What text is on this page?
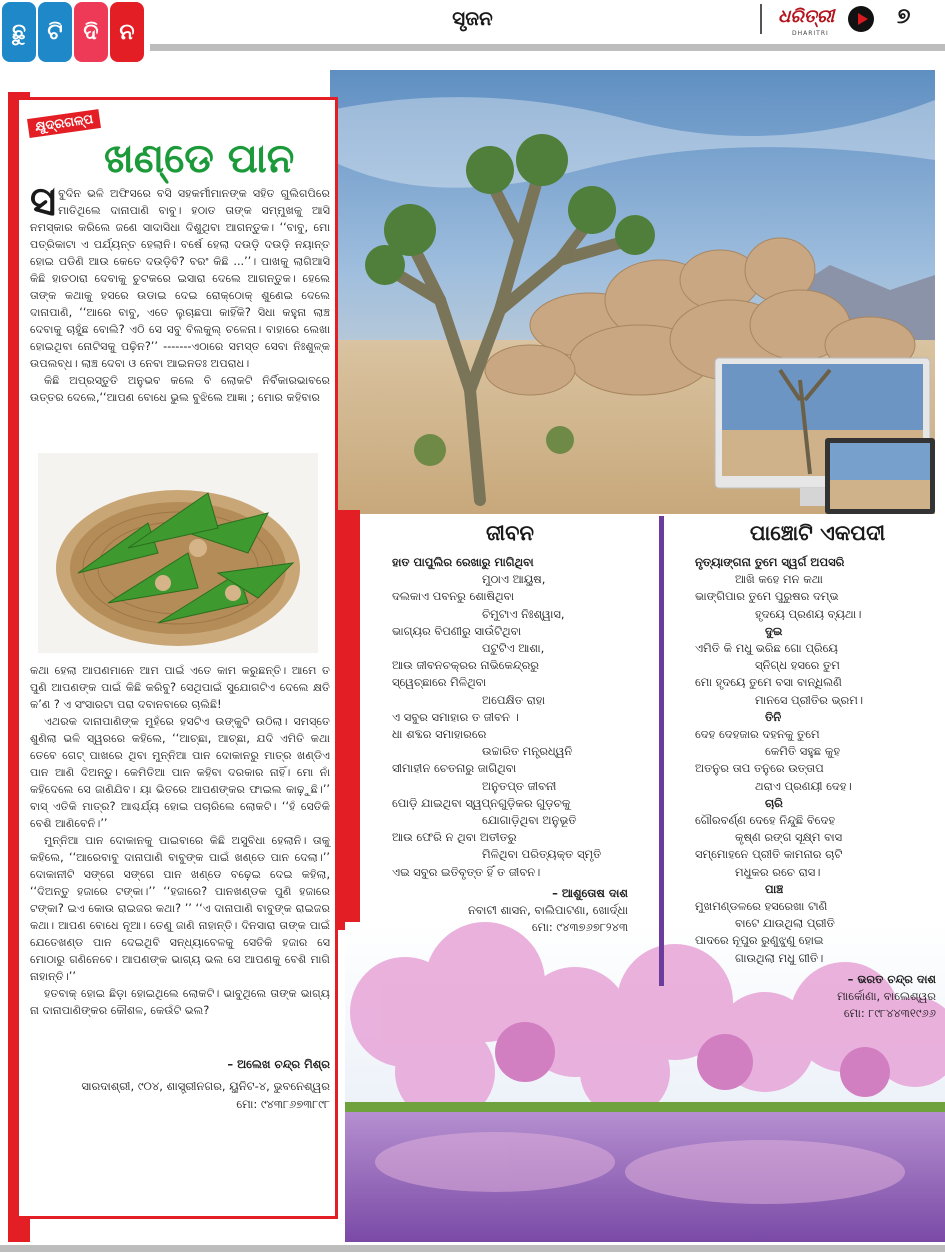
ଛୁ ଟି ଦି ନ
ସୃଜନ	ଧରିତ୍ରୀ
DHARITRI
୭
କ୍ଷୁଦ୍ରଗଳ୍ପ
ଖଣ୍ଡେ ପାନ
ସ ବୁଦିନ ଭଳି ଅଫିସରେ ବସି ସହକର୍ମୀମାନଙ୍କ ସହିତ ଗୁଲିଗପିରେ ମାତିଥିଲେ ଦାନାପାଣି ବାବୁ। ହଠାତ ତାଙ୍କ ସମ୍ମୁଖକୁ ଆସି ନମସ୍କାର କରିଲେ ଜଣେ ସାଦାସିଧା ଦିଶୁଥିବା ଆଗନ୍ତୁକ। ‘‘ବାବୁ, ମୋ ପତ୍ରିକାଟା ଏ ପର୍ଯ୍ୟନ୍ତ ହେଲାନି। ବର୍ଷେ ହେଲା ଦଉଡ଼ି ଦଉଡ଼ି ନୟାନ୍ତ ହୋଇ ପଡିଣି ଆଉ କେତେ ଦଉଡ଼ିବି? ବରଂ କିଛି ...’’। ପାଖକୁ ଲାଗିଆସି କିଛି ହାତଠାରା ଦେବାକୁ ଚୁଟକରେ ଇସାରା ଦେଲେ ଆଗନ୍ତୁକ। ହେଲେ ତାଙ୍କ କଥାକୁ ହସରେ ଉଡାଇ ଦେଇ ରୋକ୍‌ଠୋକ୍ ଶୁଣେଇ ଦେଲେ ଦାନାପାଣି, ‘‘ଆରେ ବାବୁ, ଏତେ ଲୁଚାଛପା କାହିଁକି? ସିଧା କହୁନା ଲାଞ୍ଚ ଦେବାକୁ ଚାହୁଁଛ ବୋଲି? ଏଠି ସେ ସବୁ ବିଲକୁଲ୍ ଚଳେନା। ବାହାରେ ଲେଖା ହୋଇଥିବା ନୋଟିସକୁ ପଢ଼ିନ?’’ -------ଏଠାରେ ସମସ୍ତ ସେବା ନିଃଶୁଳ୍କ ଉପଲବ୍ଧ। ଲାଞ୍ଚ ଦେବା ଓ ନେବା ଆଇନତଃ ଅପରାଧ।

କିଛି ଅପ୍ରସ୍ତୁତି ଅନୁଭବ କଲେ ବି ଲୋକଟି ନିର୍ବିକାରଭାବରେ ଉତ୍ତର ଦେଲେ,‘‘ଆପଣ ବୋଧେ ଭୁଲ ବୁଝିଲେ ଆଜ୍ଞା ; ମୋର କହିବାର

କଥା ହେଲା ଆପଣମାନେ ଆମ ପାଇଁ ଏତେ କାମ କରୁଛନ୍ତି। ଆମେ ତ ପୁଣି ଆପଣଙ୍କ ପାଇଁ କିଛି କରିବୁ? ସେଥିପାଇଁ ସୁଯୋଗଟିଏ ଦେଲେ କ୍ଷତି କ’ଣ ? ଏ ସଂସାରଟା ପରା ଦବାନବାରେ ଚାଲିଛି!

ଏଥରକ ଦାନାପାଣିଙ୍କ ମୁହଁରେ ହସଟିଏ ଉଙ୍କୁଟି ଉଠିଲା। ସମସ୍ତେ ଶୁଣିଲା ଭଳି ସ୍ୱରରେ କହିଲେ, ‘‘ଆଚ୍ଛା, ଆଚ୍ଛା, ଯଦି ଏମିତି କଥା ତେବେ ଗେଟ୍ ପାଖରେ ଥିବା ମୁନ୍ନିଆ ପାନ ଦୋକାନରୁ ମାତ୍ର ଖଣ୍ଡିଏ ପାନ ଆଣି ଦିଅନ୍ତୁ। କେମିତିଆ ପାନ କହିବା ଦରକାର ନାହିଁ। ମୋ ନାଁ କହିଦେଲେ ସେ ଜାଣିଯିବ। ୟା ଭିତରେ ଆପଣଙ୍କର ଫାଇଲ କାଢ଼ୁଛି।’’ ବାସ୍ ଏତିକି ମାତ୍ର? ଆଶ୍ଚର୍ଯ୍ୟ ହୋଇ ପଚାରିଲେ ଲୋକଟି। ‘‘ହଁ ସେତିକି ବେଶି ଆଣିବେନି।’’

ମୁନ୍ନିଆ ପାନ ଦୋକାନକୁ ପାଇବାରେ କିଛି ଅସୁବିଧା ହେଲାନି। ତାକୁ କହିଲେ, ‘‘ଆରେବାବୁ ଦାନାପାଣି ବାବୁଙ୍କ ପାଇଁ ଖଣ୍ଡେ ପାନ ଦେଲା।’’ ଦୋକାନୀଟି ସଙ୍ଗେ ସଙ୍ଗେ ପାନ ଖଣ୍ଡେ ବଢ଼େଇ ଦେଇ କହିଲା, ‘‘ଦିଅନ୍ତୁ ହଜାରେ ଟଙ୍କା।’’ ‘‘ହଜାରେ? ପାନଖଣ୍ଡକ ପୁଣି ହଜାରେ ଟଙ୍କା? ଇଏ କୋଉ ରାଇଜର କଥା? ’’ ‘‘ଏ ଦାନାପାଣି ବାବୁଙ୍କ ରାଇଜର କଥା। ଆପଣ ବୋଧେ ନୂଆ। ତେଣୁ ଜାଣି ନାହାନ୍ତି। ଦିନସାରା ତାଙ୍କ ପାଇଁ ଯେତେଖଣ୍ଡ ପାନ ଦେଇଥିବି ସନ୍ଧ୍ୟାବେଳକୁ ସେତିକି ହଜାର ସେ ମୋଠାରୁ ଗଣିନେବେ। ଆପଣଙ୍କ ଭାଗ୍ୟ ଭଲ ସେ ଆପଣକୁ ବେଶି ମାଗି ନାହାନ୍ତି।’’

ହତବାକ୍ ହୋଇ ଛିଡ଼ା ହୋଇଥିଲେ ଲୋକଟି। ଭାବୁଥିଲେ ତାଙ୍କ ଭାଗ୍ୟ ନା ଦାନାପାଣିଙ୍କର କୌଶଳ, କେଉଁଟି ଭଲ?

– ଅଲେଖ ଚନ୍ଦ୍ର ମିଶ୍ର
ସାରଦାଶ୍ରୀ, ୯୦୪, ଶାସ୍ତ୍ରୀନଗର, ୟୁନିଟ-୪, ଭୁବନେଶ୍ୱର
ମୋ: ୯୪୩୮୬୭୩୮୯୮
ଜୀବନ
ହାତ ପାପୁଲିର ରେଖାରୁ ମାଗିଥିବା
ମୁଠାଏ ଆୟୁଷ,
ଦଲକାଏ ପବନରୁ ଶୋଷିଥିବା
ଚିମୁଟାଏ ନିଃଶ୍ୱାସ,
ଭାଗ୍ୟର ବିପଣୀରୁ ସାଉଁଟିଥିବା
ପଟୁଟିଏ ଆଶା,
ଆଉ ଜୀବନଚକ୍ରର ନାଭିକେନ୍ଦ୍ରରୁ
ସ୍ୱେଚ୍ଛାରେ ମିଳିଥିବା
ଅପେକ୍ଷିତ ରାହା
ଏ ସବୁର ସମାହାର ତ ଜୀବନ ।
ଧା ଶବ୍ଦର ସମାହାରରେ
ଉଚ୍ଚାରିତ ମନ୍ତ୍ରଧ୍ୱନି
ସୀମାହୀନ ଚେତନାରୁ ଜାଗିଥିବା
ଅନୁତପ୍ତ ଜୀବନୀ
ପୋଡ଼ି ଯାଇଥିବା ସ୍ୱପ୍ନଗୁଡ଼ିକର ଗୁଡ଼ଚକୁ
ଯୋଗାଡ଼ିଥିବା ଅନୁଭୂତି
ଆଉ ଫେରି ନ ଥିବା ଅତୀତରୁ
ମିଳିଥିବା ପରିତ୍ୟକ୍ତ ସ୍ମୃତି
ଏଇ ସବୁର ଇତିବୃତ୍ତ ହିଁ ତ ଜୀବନ।
– ଆଶୁତୋଷ ଦାଶ
ନବାଟୀ ଶାସନ, ବାଲିପାଟଣା, ଖୋର୍ଦ୍ଧା
ମୋ: ୯୪୩୭୬୭୮୨୪୩
ପାଞ୍ଚୋଟି ଏକପଦୀ
ନୃତ୍ୟାଙ୍ଗନା ତୁମେ ସ୍ୱର୍ଗ ଅପସରି
ଆଖି କହେ ମନ କଥା
ଭାଙ୍ଗିପାର ତୁମେ ପୁରୁଷର ଦମ୍ଭ
ହୃଦୟେ ପ୍ରଣୟ ବ୍ୟଥା।
ଦୁଇ
ଏମିତି କି ମଧୁ ଭରିଛ ଗୋ ପ୍ରିୟେ
ସ୍ନିଗ୍ଧ ହସରେ ତୁମ
ମୋ ହୃଦୟେ ତୁମେ ବସା ବାନ୍ଧିଲଣି
ମାନସେ ପ୍ରୀତିର ଭ୍ରମ।
ତିନି
ଦେହ ଦେହଜାର ଦହନକୁ ତୁମେ
କେମିତି ସହୁଛ କୁହ
ଅତନୁର ତାପ ତନୁରେ ଉତ୍ତାପ
ଥରାଏ ପ୍ରଣୟୀ ଦେହ।
ଚାରି
ଗୌରବର୍ଣ୍ଣ ଦେହେ ନିନ୍ଦୁଛି ବିଦେହ
କୃଷ୍ଣ ରଙ୍ଗ ସୂକ୍ଷ୍ମ ବାସ
ସମ୍ମୋହନେ ପ୍ରୀତି କାମନାର ଚାଟି
ମଧୁକର ରଚେ ରାସ।
ପାଞ୍ଚ
ମୁଖମଣ୍ଡଳରେ ହସରେଖା ଟାଣି
ବାଟେ ଯାଉଥିଲା ପ୍ରୀତି
ପାଦରେ ନୂପୁର ରୁଣୁଝୁଣୁ ହୋଇ
ଗାଉଥିଲା ମଧୁ ଗୀତି।
– ଭରତ ଚନ୍ଦ୍ର ଦାଶ
ମାର୍କୋଣା, ବାଲେଶ୍ୱର
ମୋ: ୮୯୮୪୪୩୧୯୬୬
